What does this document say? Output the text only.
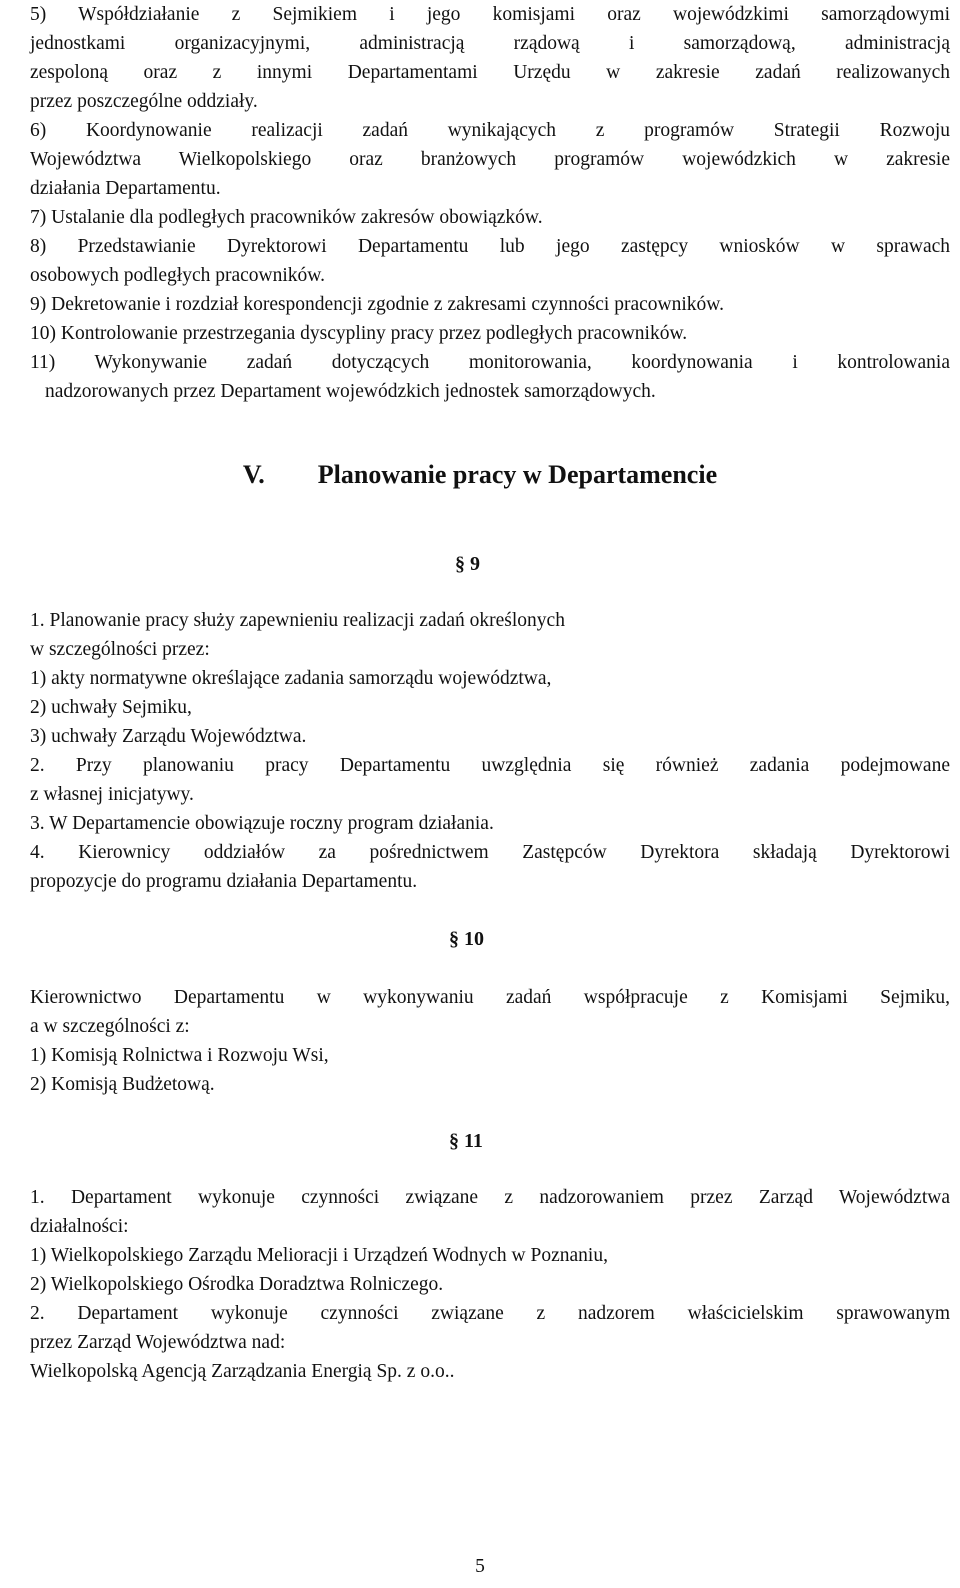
5) Współdziałanie z Sejmikiem i jego komisjami oraz wojewódzkimi samorządowymi
jednostkami organizacyjnymi, administracją rządową i samorządową, administracją
zespoloną oraz z innymi Departamentami Urzędu w zakresie zadań realizowanych
przez poszczególne oddziały.
6) Koordynowanie realizacji zadań wynikających z programów Strategii Rozwoju
Województwa Wielkopolskiego oraz branżowych programów wojewódzkich w zakresie
działania Departamentu.
7) Ustalanie dla podległych pracowników zakresów obowiązków.
8) Przedstawianie Dyrektorowi Departamentu lub jego zastępcy wniosków w sprawach
osobowych podległych pracowników.
9) Dekretowanie i rozdział korespondencji zgodnie z zakresami czynności pracowników.
10) Kontrolowanie przestrzegania dyscypliny pracy przez podległych pracowników.
11) Wykonywanie zadań dotyczących monitorowania, koordynowania i kontrolowania
nadzorowanych przez Departament wojewódzkich jednostek samorządowych.
V. Planowanie pracy w Departamencie
§ 9
1. Planowanie pracy służy zapewnieniu realizacji zadań określonych
w szczególności przez:
1) akty normatywne określające zadania samorządu województwa,
2) uchwały Sejmiku,
3) uchwały Zarządu Województwa.
2. Przy planowaniu pracy Departamentu uwzględnia się również zadania podejmowane
z własnej inicjatywy.
3. W Departamencie obowiązuje roczny program działania.
4. Kierownicy oddziałów za pośrednictwem Zastępców Dyrektora składają Dyrektorowi
propozycje do programu działania Departamentu.
§ 10
Kierownictwo Departamentu w wykonywaniu zadań współpracuje z Komisjami Sejmiku,
a w szczególności z:
1) Komisją Rolnictwa i Rozwoju Wsi,
2) Komisją Budżetową.
§ 11
1. Departament wykonuje czynności związane z nadzorowaniem przez Zarząd Województwa
działalności:
1) Wielkopolskiego Zarządu Melioracji i Urządzeń Wodnych w Poznaniu,
2) Wielkopolskiego Ośrodka Doradztwa Rolniczego.
2. Departament wykonuje czynności związane z nadzorem właścicielskim sprawowanym
przez Zarząd Województwa nad:
Wielkopolską Agencją Zarządzania Energią Sp. z o.o..
5
